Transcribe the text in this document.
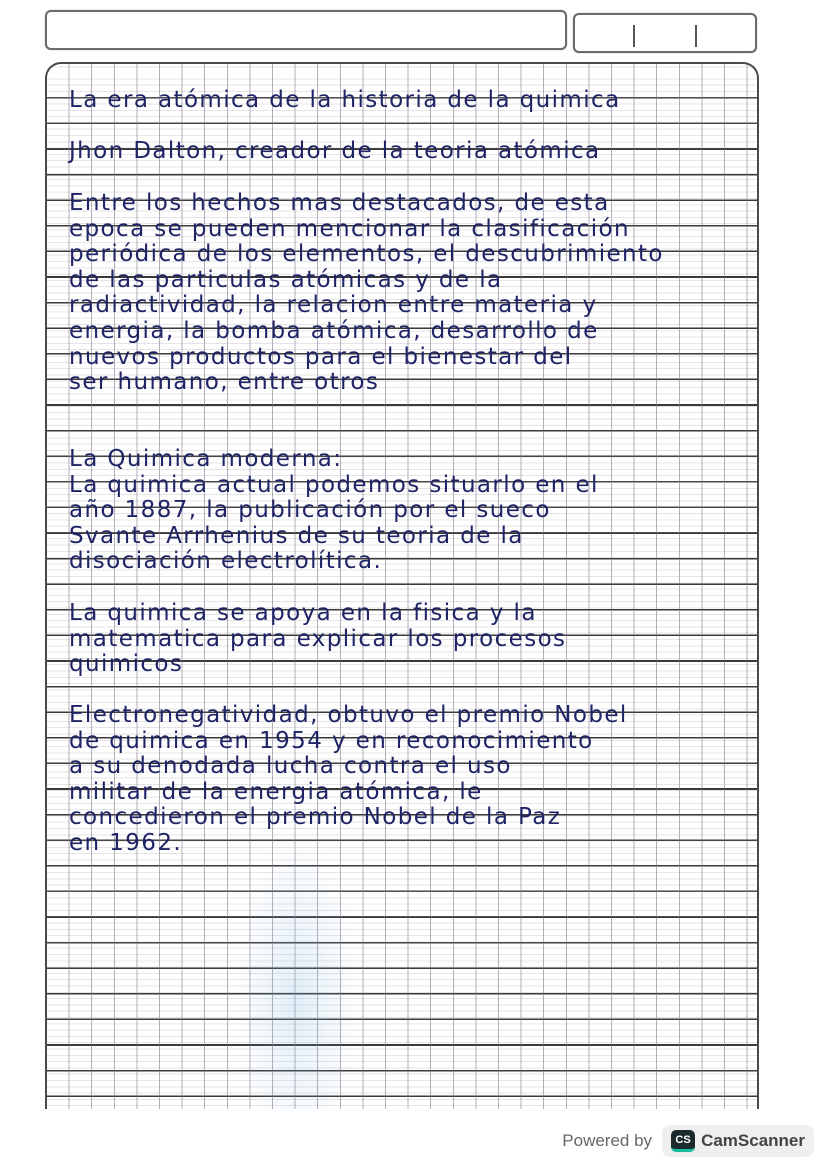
La era atómica de la historia de la quimica
Jhon Dalton, creador de la teoria atómica
Entre los hechos mas destacados, de esta
epoca se pueden mencionar la clasificación
periódica de los elementos, el descubrimiento
de las particulas atómicas y de la
radiactividad, la relacion entre materia y
energia, la bomba atómica, desarrollo de
nuevos productos para el bienestar del
ser humano, entre otros
La Quimica moderna:
La quimica actual podemos situarlo en el
año 1887, la publicación por el sueco
Svante Arrhenius de su teoria de la
disociación electrolítica.
La quimica se apoya en la fisica y la
matematica para explicar los procesos
quimicos
Electronegatividad, obtuvo el premio Nobel
de quimica en 1954 y en reconocimiento
a su denodada lucha contra el uso
militar de la energia atómica, le
concedieron el premio Nobel de la Paz
en 1962.
Powered by	CS CamScanner
